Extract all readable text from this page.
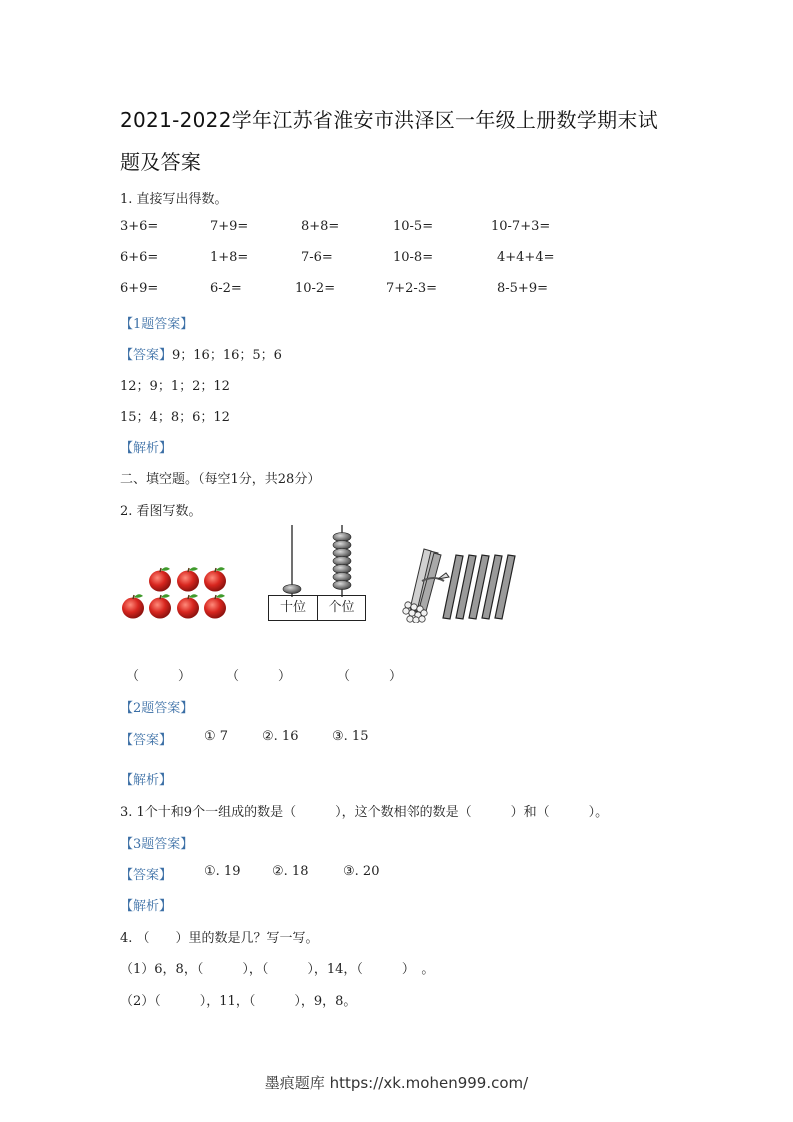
2021-2022学年江苏省淮安市洪泽区一年级上册数学期末试
题及答案
1. 直接写出得数。
3+6=	7+9=	8+8=	10-5=	10-7+3=
6+6=	1+8=	7-6=	10-8=	4+4+4=
6+9=	6-2=	10-2=	7+2-3=	8-5+9=
【1题答案】
【答案】9；16；16；5；6
12；9；1；2；12
15；4；8；6；12
【解析】
二、填空题。（每空1分，共28分）
2. 看图写数。
十位	个位
（　　　）	（　　　）	（　　　）
【2题答案】
【答案】 ① 7	②. 16	③. 15
【解析】
3. 1个十和9个一组成的数是（　　　），这个数相邻的数是（　　　）和（　　　）。
【3题答案】
【答案】 ①. 19 ②. 18	③. 20
【解析】
4. （　　）里的数是几？写一写。
（1）6，8，（　　　），（　　　），14，（　　　）　。
（2）（　　　），11，（　　　），9，8。
墨痕题库 https://xk.mohen999.com/
